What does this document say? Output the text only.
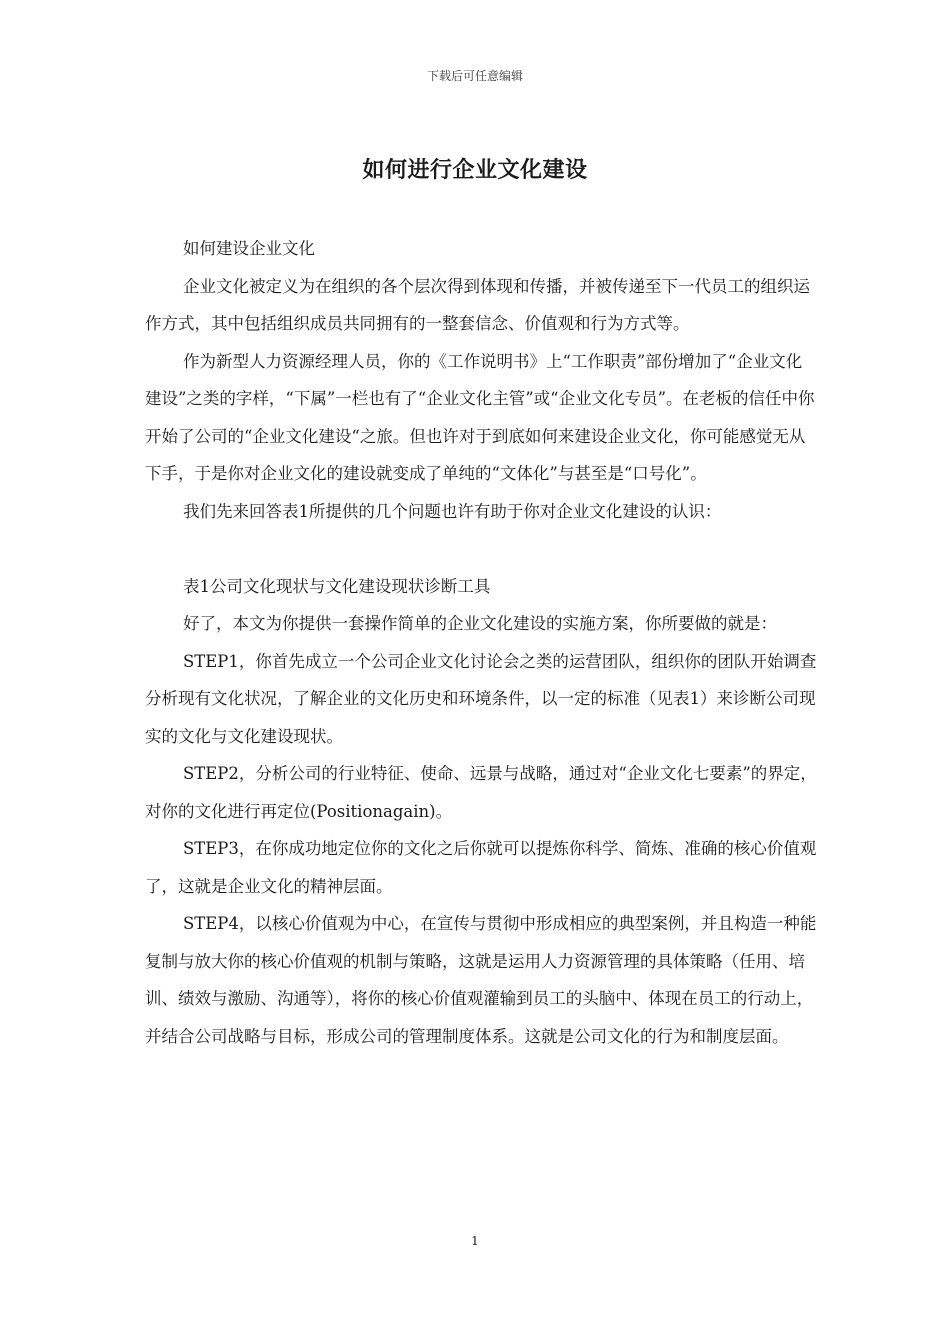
下载后可任意编辑

如何进行企业文化建设

如何建设企业文化

企业文化被定义为在组织的各个层次得到体现和传播，并被传递至下一代员工的组织运作方式，其中包括组织成员共同拥有的一整套信念、价值观和行为方式等。

作为新型人力资源经理人员，你的《工作说明书》上“工作职责”部份增加了“企业文化建设”之类的字样，“下属”一栏也有了“企业文化主管”或“企业文化专员”。在老板的信任中你开始了公司的“企业文化建设“之旅。但也许对于到底如何来建设企业文化，你可能感觉无从下手，于是你对企业文化的建设就变成了单纯的“文体化”与甚至是“口号化”。

我们先来回答表1所提供的几个问题也许有助于你对企业文化建设的认识：

表1公司文化现状与文化建设现状诊断工具

好了，本文为你提供一套操作简单的企业文化建设的实施方案，你所要做的就是：

STEP1，你首先成立一个公司企业文化讨论会之类的运营团队，组织你的团队开始调查分析现有文化状况，了解企业的文化历史和环境条件，以一定的标准（见表1）来诊断公司现实的文化与文化建设现状。

STEP2，分析公司的行业特征、使命、远景与战略，通过对“企业文化七要素”的界定，对你的文化进行再定位(Positionagain)。

STEP3，在你成功地定位你的文化之后你就可以提炼你科学、简炼、准确的核心价值观了，这就是企业文化的精神层面。

STEP4，以核心价值观为中心，在宣传与贯彻中形成相应的典型案例，并且构造一种能复制与放大你的核心价值观的机制与策略，这就是运用人力资源管理的具体策略（任用、培训、绩效与激励、沟通等），将你的核心价值观灌输到员工的头脑中、体现在员工的行动上，并结合公司战略与目标，形成公司的管理制度体系。这就是公司文化的行为和制度层面。

1
